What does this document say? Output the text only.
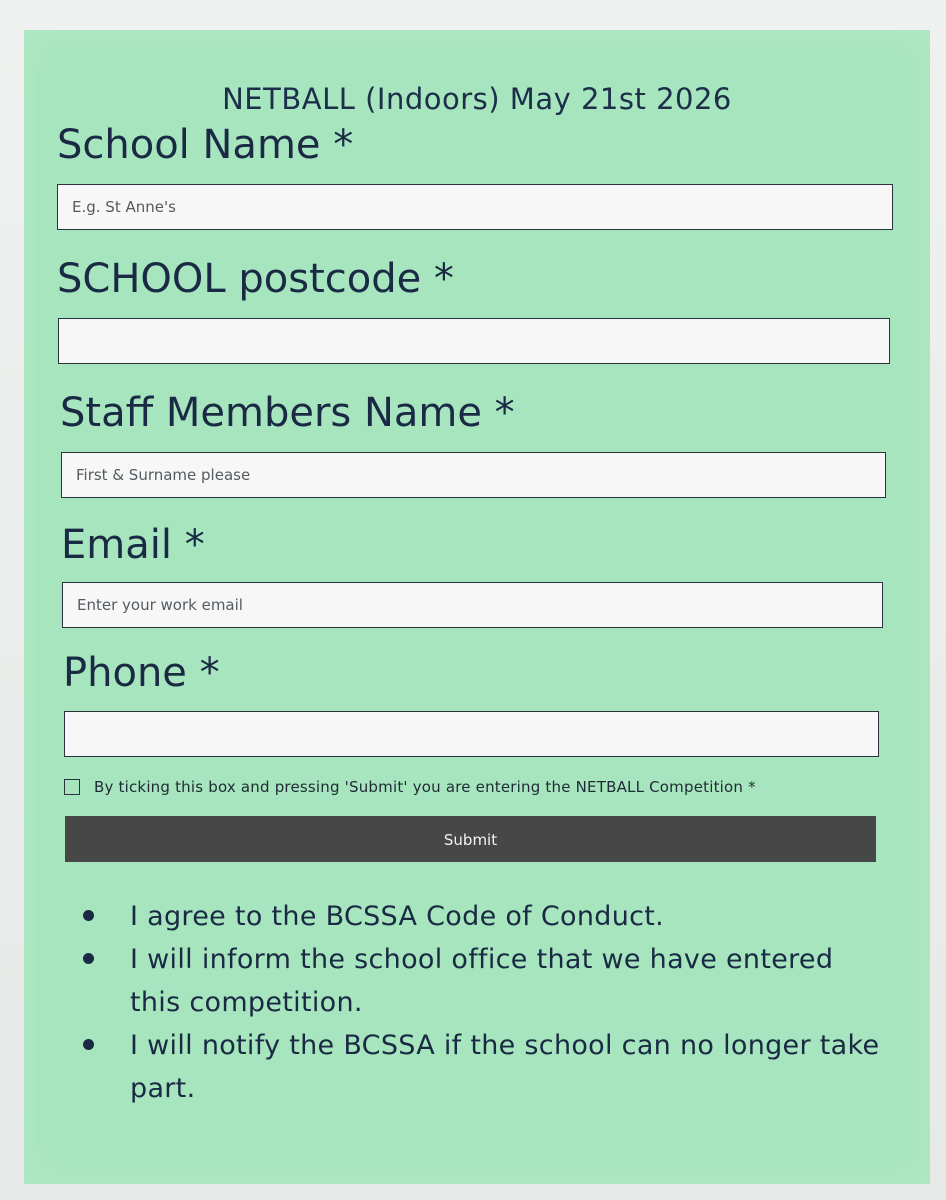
NETBALL (Indoors) May 21st 2026
School Name *
E.g. St Anne's
SCHOOL postcode *
Staff Members Name *
First & Surname please
Email *
Enter your work email
Phone *
By ticking this box and pressing 'Submit' you are entering the NETBALL Competition *
Submit
I agree to the BCSSA Code of Conduct.
I will inform the school office that we have entered this competition.
I will notify the BCSSA if the school can no longer take part.
